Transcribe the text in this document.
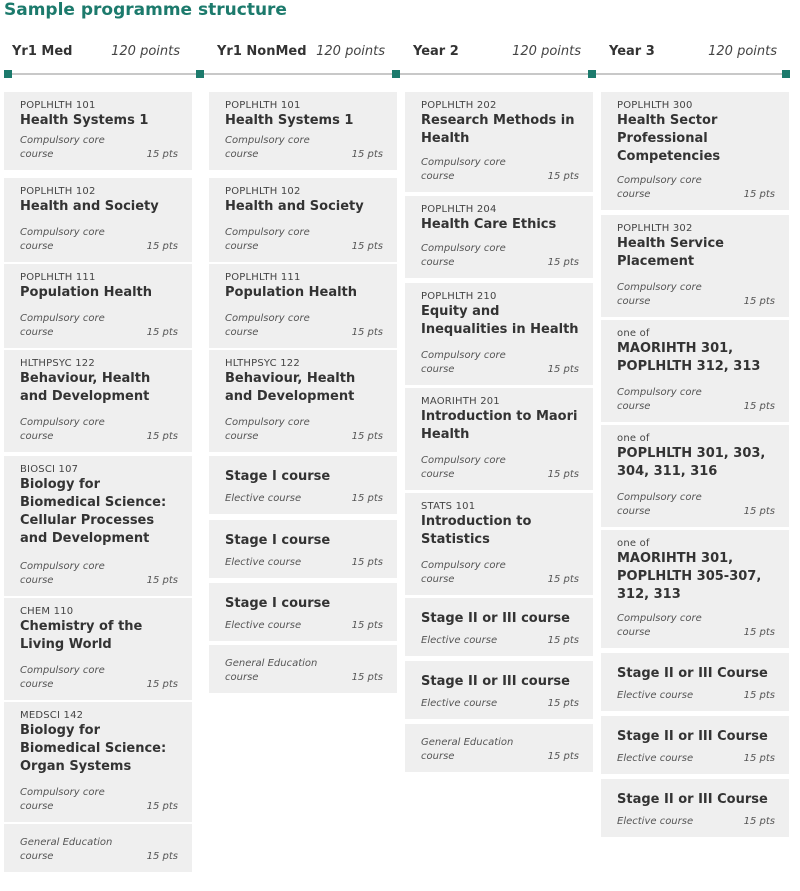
Sample programme structure
Yr1 Med	120 points
POPLHLTH 101
Health Systems 1
Compulsory core course	15 pts
POPLHLTH 102
Health and Society
Compulsory core course	15 pts
POPLHLTH 111
Population Health
Compulsory core course	15 pts
HLTHPSYC 122
Behaviour, Health and Development
Compulsory core course	15 pts
BIOSCI 107
Biology for Biomedical Science: Cellular Processes and Development
Compulsory core course	15 pts
CHEM 110
Chemistry of the Living World
Compulsory core course	15 pts
MEDSCI 142
Biology for Biomedical Science: Organ Systems
Compulsory core course	15 pts
General Education course	15 pts
Yr1 NonMed 120 points
POPLHLTH 101
Health Systems 1
Compulsory core course	15 pts
POPLHLTH 102
Health and Society
Compulsory core course	15 pts
POPLHLTH 111
Population Health
Compulsory core course	15 pts
HLTHPSYC 122
Behaviour, Health and Development
Compulsory core course	15 pts
Stage I course
Elective course	15 pts
Stage I course
Elective course	15 pts
Stage I course
Elective course	15 pts
General Education course	15 pts
Year 2	120 points
POPLHLTH 202
Research Methods in Health
Compulsory core course	15 pts
POPLHLTH 204
Health Care Ethics
Compulsory core course	15 pts
POPLHLTH 210
Equity and Inequalities in Health
Compulsory core course	15 pts
MAORIHTH 201
Introduction to Maori Health
Compulsory core course	15 pts
STATS 101
Introduction to Statistics
Compulsory core course	15 pts
Stage II or III course
Elective course	15 pts
Stage II or III course
Elective course	15 pts
General Education course	15 pts
Year 3	120 points
POPLHLTH 300
Health Sector Professional Competencies
Compulsory core course	15 pts
POPLHLTH 302
Health Service Placement
Compulsory core course	15 pts
one of
MAORIHTH 301, POPLHLTH 312, 313
Compulsory core course	15 pts
one of
POPLHLTH 301, 303, 304, 311, 316
Compulsory core course	15 pts
one of
MAORIHTH 301, POPLHLTH 305-307, 312, 313
Compulsory core course	15 pts
Stage II or III Course
Elective course	15 pts
Stage II or III Course
Elective course	15 pts
Stage II or III Course
Elective course	15 pts
